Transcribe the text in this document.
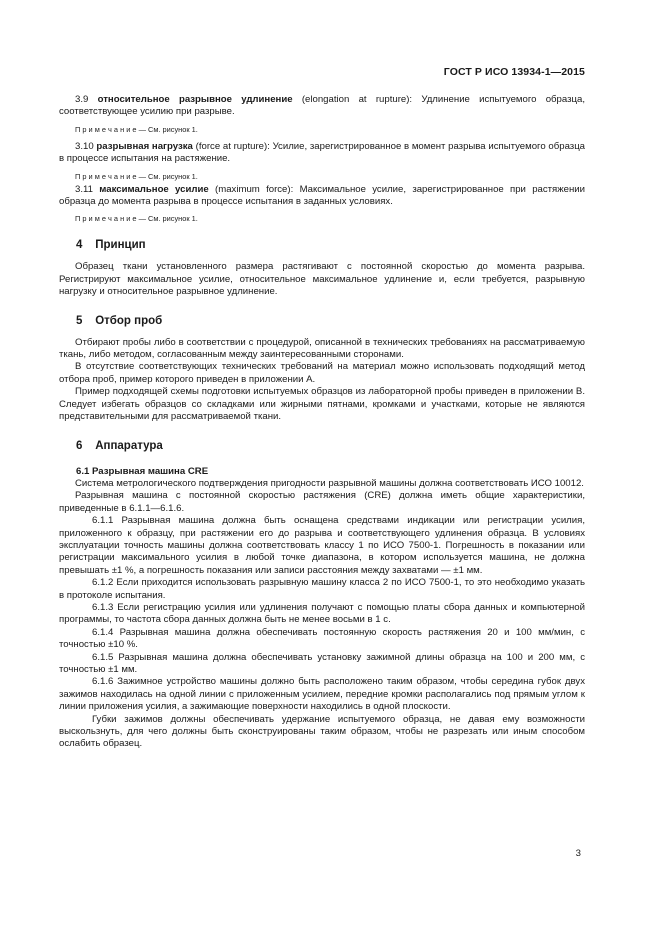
ГОСТ Р ИСО 13934-1—2015

3.9 относительное разрывное удлинение (elongation at rupture): Удлинение испытуемого образца, соответствующее усилию при разрыве.

П р и м е ч а н и е — См. рисунок 1.

3.10 разрывная нагрузка (force at rupture): Усилие, зарегистрированное в момент разрыва испытуемого образца в процессе испытания на растяжение.

П р и м е ч а н и е — См. рисунок 1.

3.11 максимальное усилие (maximum force): Максимальное усилие, зарегистрированное при растяжении образца до момента разрыва в процессе испытания в заданных условиях.

П р и м е ч а н и е — См. рисунок 1.

4 Принцип

Образец ткани установленного размера растягивают с постоянной скоростью до момента разрыва. Регистрируют максимальное усилие, относительное максимальное удлинение и, если требуется, разрывную нагрузку и относительное разрывное удлинение.

5 Отбор проб

Отбирают пробы либо в соответствии с процедурой, описанной в технических требованиях на рассматриваемую ткань, либо методом, согласованным между заинтересованными сторонами.

В отсутствие соответствующих технических требований на материал можно использовать подходящий метод отбора проб, пример которого приведен в приложении А.

Пример подходящей схемы подготовки испытуемых образцов из лабораторной пробы приведен в приложении В. Следует избегать образцов со складками или жирными пятнами, кромками и участками, которые не являются представительными для рассматриваемой ткани.

6 Аппаратура
6.1 Разрывная машина CRE

Система метрологического подтверждения пригодности разрывной машины должна соответствовать ИСО 10012.

Разрывная машина с постоянной скоростью растяжения (CRE) должна иметь общие характеристики, приведенные в 6.1.1—6.1.6.

6.1.1 Разрывная машина должна быть оснащена средствами индикации или регистрации усилия, приложенного к образцу, при растяжении его до разрыва и соответствующего удлинения образца. В условиях эксплуатации точность машины должна соответствовать классу 1 по ИСО 7500-1. Погрешность в показании или регистрации максимального усилия в любой точке диапазона, в котором используется машина, не должна превышать ±1 %, а погрешность показания или записи расстояния между захватами — ±1 мм.

6.1.2 Если приходится использовать разрывную машину класса 2 по ИСО 7500-1, то это необходимо указать в протоколе испытания.

6.1.3 Если регистрацию усилия или удлинения получают с помощью платы сбора данных и компьютерной программы, то частота сбора данных должна быть не менее восьми в 1 с.

6.1.4 Разрывная машина должна обеспечивать постоянную скорость растяжения 20 и 100 мм/мин, с точностью ±10 %.

6.1.5 Разрывная машина должна обеспечивать установку зажимной длины образца на 100 и 200 мм, с точностью ±1 мм.

6.1.6 Зажимное устройство машины должно быть расположено таким образом, чтобы середина губок двух зажимов находилась на одной линии с приложенным усилием, передние кромки располагались под прямым углом к линии приложения усилия, а зажимающие поверхности находились в одной плоскости.

Губки зажимов должны обеспечивать удержание испытуемого образца, не давая ему возможности выскользнуть, для чего должны быть сконструированы таким образом, чтобы не разрезать или иным способом ослабить образец.

3
